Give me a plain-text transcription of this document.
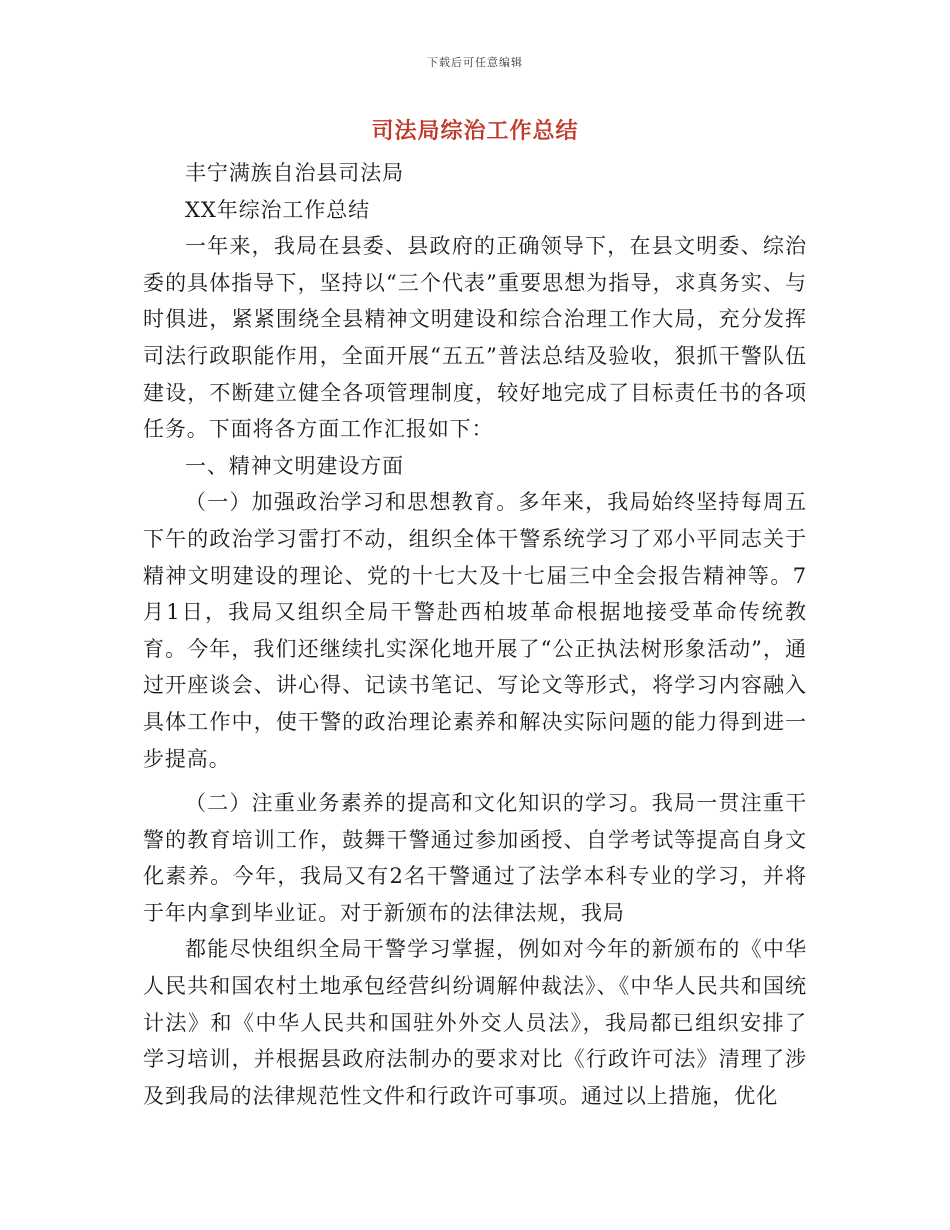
下载后可任意编辑
司法局综治工作总结

丰宁满族自治县司法局

XX年综治工作总结

一年来，我局在县委、县政府的正确领导下，在县文明委、综治委的具体指导下，坚持以“三个代表”重要思想为指导，求真务实、与时俱进，紧紧围绕全县精神文明建设和综合治理工作大局，充分发挥司法行政职能作用，全面开展“五五”普法总结及验收，狠抓干警队伍建设，不断建立健全各项管理制度，较好地完成了目标责任书的各项任务。下面将各方面工作汇报如下：

一、精神文明建设方面

（一）加强政治学习和思想教育。多年来，我局始终坚持每周五下午的政治学习雷打不动，组织全体干警系统学习了邓小平同志关于精神文明建设的理论、党的十七大及十七届三中全会报告精神等。7月1日，我局又组织全局干警赴西柏坡革命根据地接受革命传统教育。今年，我们还继续扎实深化地开展了“公正执法树形象活动”，通过开座谈会、讲心得、记读书笔记、写论文等形式，将学习内容融入具体工作中，使干警的政治理论素养和解决实际问题的能力得到进一步提高。

（二）注重业务素养的提高和文化知识的学习。我局一贯注重干警的教育培训工作，鼓舞干警通过参加函授、自学考试等提高自身文化素养。今年，我局又有2名干警通过了法学本科专业的学习，并将于年内拿到毕业证。对于新颁布的法律法规，我局

都能尽快组织全局干警学习掌握，例如对今年的新颁布的《中华人民共和国农村土地承包经营纠纷调解仲裁法》、《中华人民共和国统计法》和《中华人民共和国驻外外交人员法》，我局都已组织安排了学习培训，并根据县政府法制办的要求对比《行政许可法》清理了涉及到我局的法律规范性文件和行政许可事项。通过以上措施，优化
